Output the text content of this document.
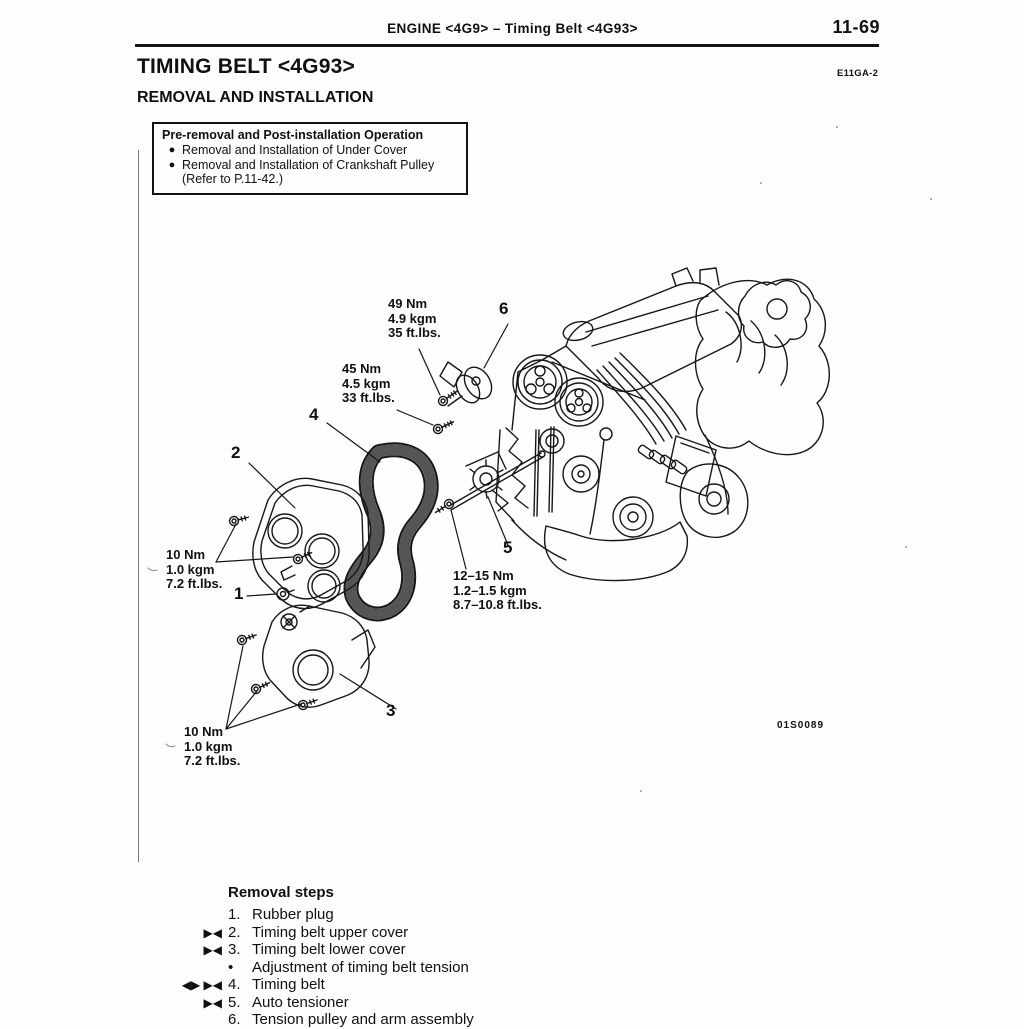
ENGINE <4G9> – Timing Belt <4G93>	11-69
TIMING BELT <4G93>	E11GA-2
REMOVAL AND INSTALLATION
Pre-removal and Post-installation Operation
● Removal and Installation of Under Cover
● Removal and Installation of Crankshaft Pulley
(Refer to P.11-42.)
49 Nm
4.9 kgm
35 ft.lbs.
45 Nm
4.5 kgm
33 ft.lbs.
10 Nm
1.0 kgm
7.2 ft.lbs.
12–15 Nm
1.2–1.5 kgm
8.7–10.8 ft.lbs.
10 Nm
1.0 kgm
7.2 ft.lbs.
1
2
3
4
5
6
01S0089
Removal steps
1. Rubber plug
▶◀ 2. Timing belt upper cover
▶◀ 3. Timing belt lower cover
•	Adjustment of timing belt tension
◀▶ ▶◀ 4. Timing belt
▶◀ 5. Auto tensioner
6. Tension pulley and arm assembly
